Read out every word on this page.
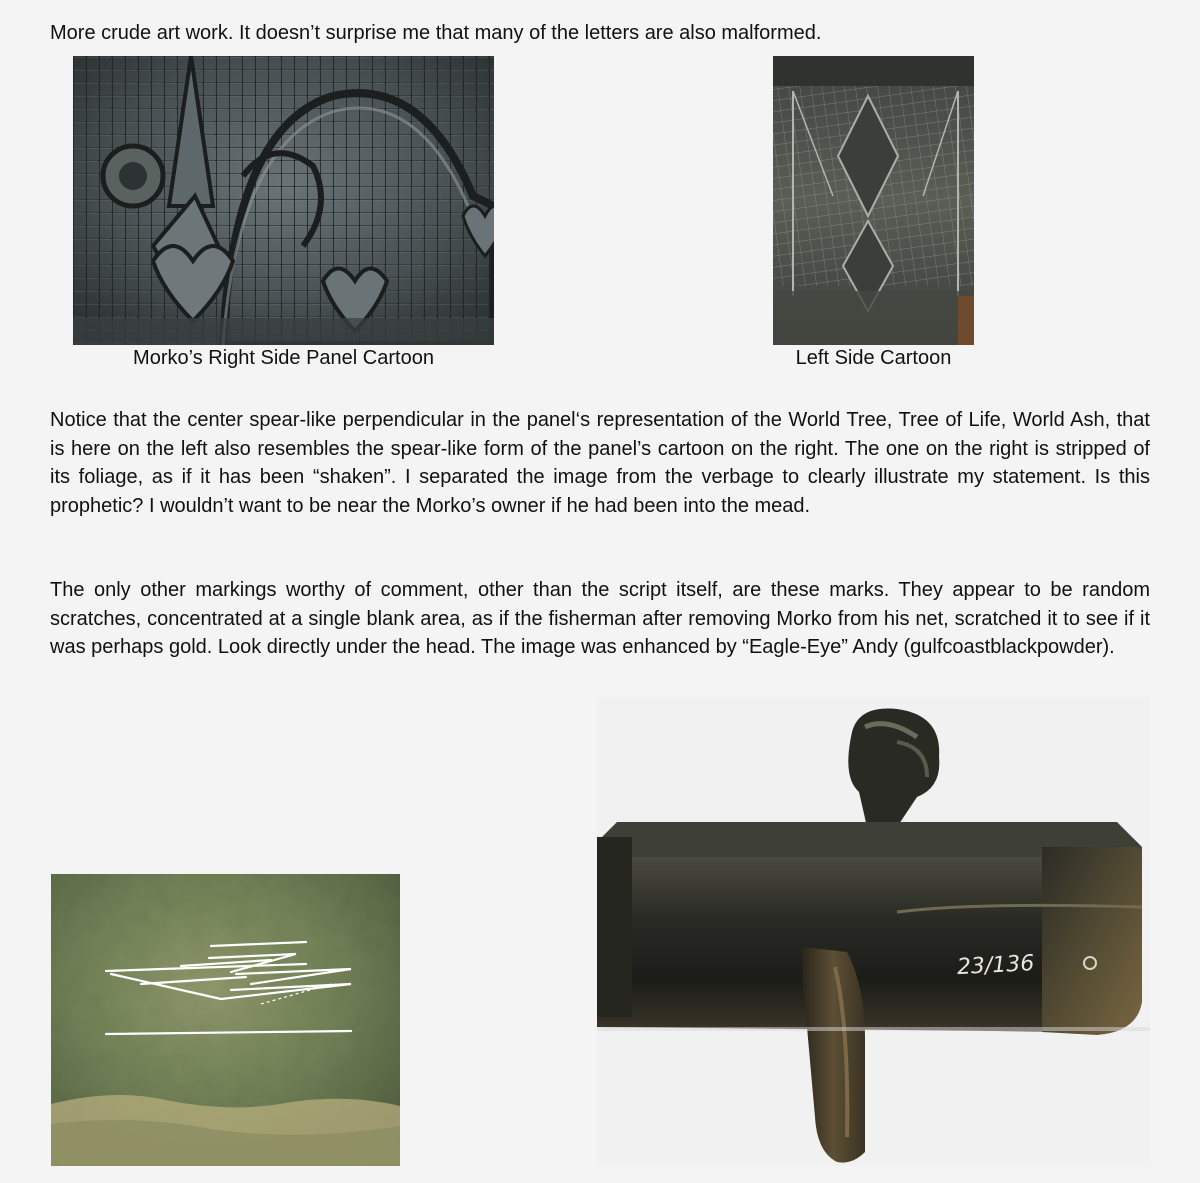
More crude art work. It doesn’t surprise me that many of the letters are also malformed.

Morko’s Right Side Panel Cartoon	Left Side Cartoon

Notice that the center spear-like perpendicular in the panel‘s representation of the World Tree, Tree of Life, World Ash, that is here on the left also resembles the spear-like form of the panel’s cartoon on the right. The one on the right is stripped of its foliage, as if it has been “shaken”. I separated the image from the verbage to clearly illustrate my statement. Is this prophetic? I wouldn’t want to be near the Morko’s owner if he had been into the mead.

The only other markings worthy of comment, other than the script itself, are these marks. They appear to be random scratches, concentrated at a single blank area, as if the fisherman after removing Morko from his net, scratched it to see if it was perhaps gold. Look directly under the head. The image was enhanced by “Eagle-Eye” Andy (gulfcoastblackpowder).

23/136
